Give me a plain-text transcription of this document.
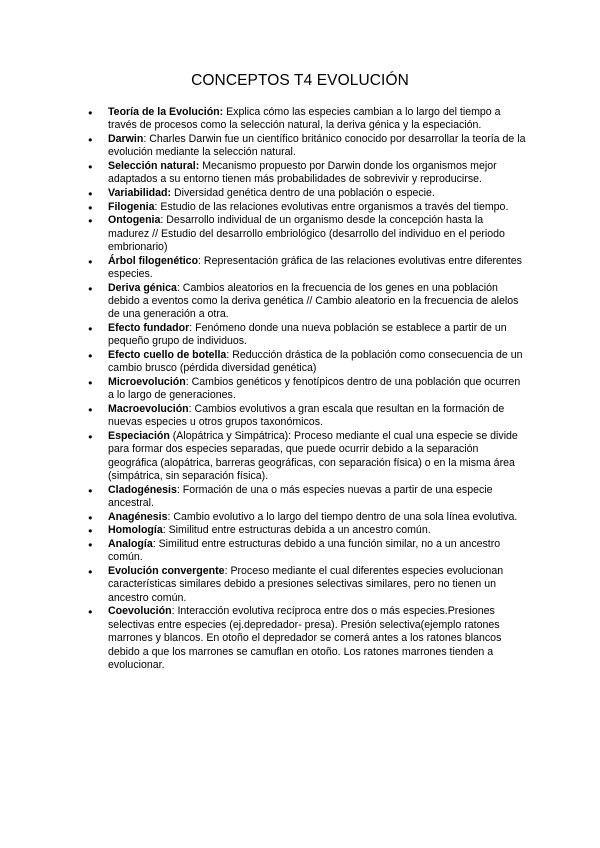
CONCEPTOS T4 EVOLUCIÓN
● Teoría de la Evolución: Explica cómo las especies cambian a lo largo del tiempo a través de procesos como la selección natural, la deriva génica y la especiación.
● Darwin: Charles Darwin fue un científico británico conocido por desarrollar la teoría de la evolución mediante la selección natural.
● Selección natural: Mecanismo propuesto por Darwin donde los organismos mejor adaptados a su entorno tienen más probabilidades de sobrevivir y reproducirse.
● Variabilidad: Diversidad genética dentro de una población o especie.
● Filogenia: Estudio de las relaciones evolutivas entre organismos a través del tiempo.
● Ontogenia: Desarrollo individual de un organismo desde la concepción hasta la madurez // Estudio del desarrollo embriológico (desarrollo del individuo en el periodo embrionario)
● Árbol filogenético: Representación gráfica de las relaciones evolutivas entre diferentes especies.
● Deriva génica: Cambios aleatorios en la frecuencia de los genes en una población debido a eventos como la deriva genética // Cambio aleatorio en la frecuencia de alelos de una generación a otra.
● Efecto fundador: Fenómeno donde una nueva población se establece a partir de un pequeño grupo de individuos.
● Efecto cuello de botella: Reducción drástica de la población como consecuencia de un cambio brusco (pérdida diversidad genética)
● Microevolución: Cambios genéticos y fenotípicos dentro de una población que ocurren a lo largo de generaciones.
● Macroevolución: Cambios evolutivos a gran escala que resultan en la formación de nuevas especies u otros grupos taxonómicos.
● Especiación (Alopátrica y Simpátrica): Proceso mediante el cual una especie se divide para formar dos especies separadas, que puede ocurrir debido a la separación geográfica (alopátrica, barreras geográficas, con separación física) o en la misma área (simpátrica, sin separación física).
● Cladogénesis: Formación de una o más especies nuevas a partir de una especie ancestral.
● Anagénesis: Cambio evolutivo a lo largo del tiempo dentro de una sola línea evolutiva.
● Homología: Similitud entre estructuras debida a un ancestro común.
● Analogía: Similitud entre estructuras debido a una función similar, no a un ancestro común.
● Evolución convergente: Proceso mediante el cual diferentes especies evolucionan características similares debido a presiones selectivas similares, pero no tienen un ancestro común.
● Coevolución: Interacción evolutiva recíproca entre dos o más especies.Presiones selectivas entre especies (ej.depredador- presa). Presión selectiva(ejemplo ratones marrones y blancos. En otoño el depredador se comerá antes a los ratones blancos debido a que los marrones se camuflan en otoño. Los ratones marrones tienden a evolucionar.
